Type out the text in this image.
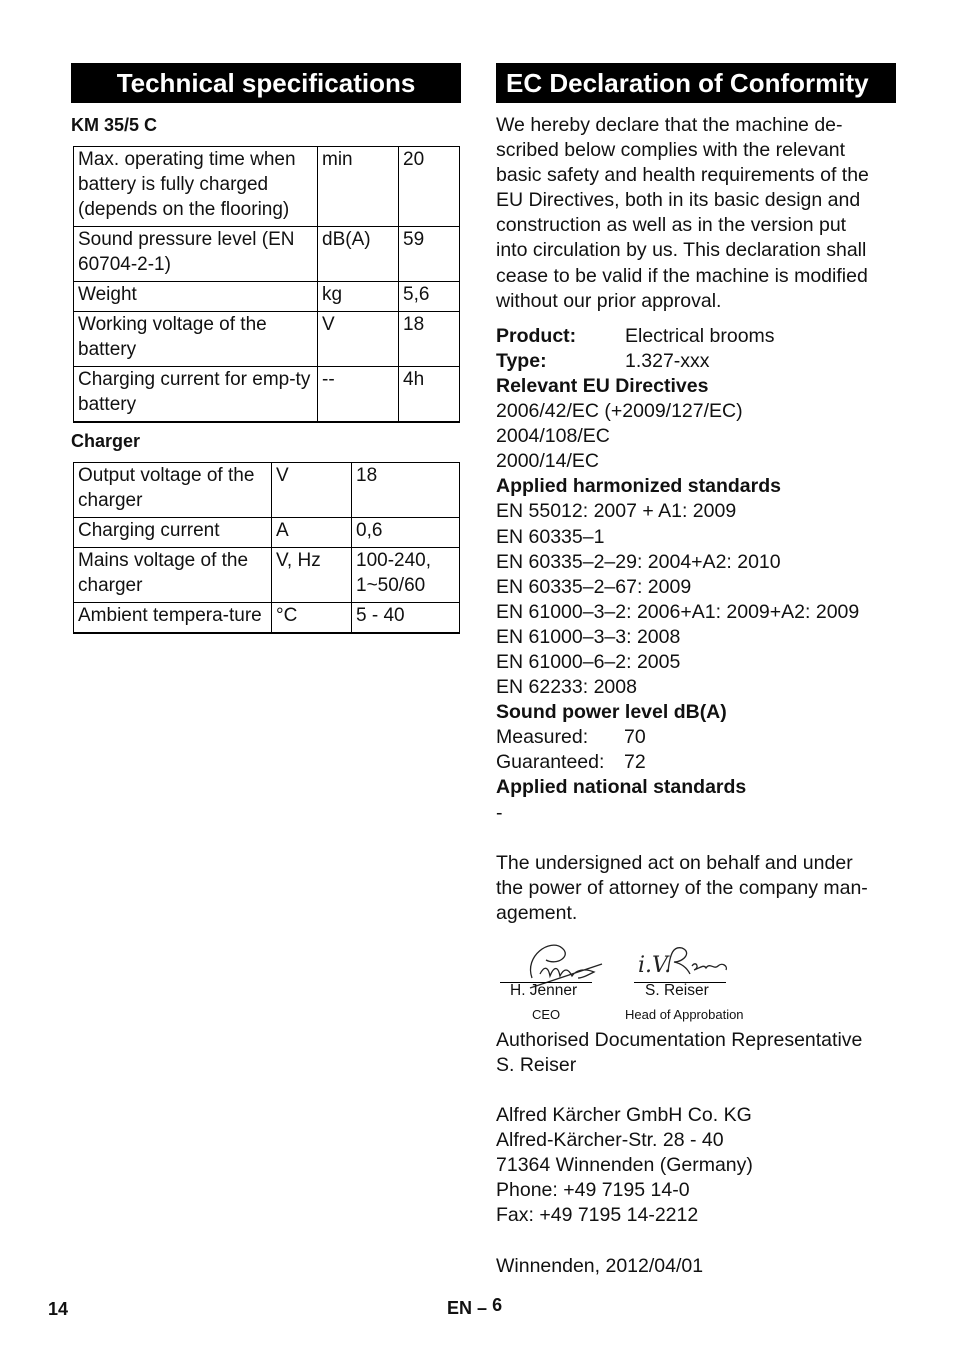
Technical specifications
KM 35/5 C
Max. operating time when battery is fully charged (depends on the flooring)	min	20
Sound pressure level (EN 60704-2-1)	dB(A)	59
Weight	kg	5,6
Working voltage of the battery	V	18
Charging current for emp-ty battery	--	4h
Charger
Output voltage of the charger	V	18
Charging current	A	0,6
Mains voltage of the charger	V, Hz	100-240, 1~50/60
Ambient tempera-ture	°C	5 - 40
EC Declaration of Conformity
We hereby declare that the machine de-
scribed below complies with the relevant
basic safety and health requirements of the
EU Directives, both in its basic design and
construction as well as in the version put
into circulation by us. This declaration shall
cease to be valid if the machine is modified
without our prior approval.
Product:	Electrical brooms
Type:	1.327-xxx
Relevant EU Directives
2006/42/EC (+2009/127/EC)
2004/108/EC
2000/14/EC
Applied harmonized standards
EN 55012: 2007 + A1: 2009
EN 60335–1
EN 60335–2–29: 2004+A2: 2010
EN 60335–2–67: 2009
EN 61000–3–2: 2006+A1: 2009+A2: 2009
EN 61000–3–3: 2008
EN 61000–6–2: 2005
EN 62233: 2008
Sound power level dB(A)
Measured: 70
Guaranteed: 72
Applied national standards
-
The undersigned act on behalf and under
the power of attorney of the company man-
agement.
i.V.
H. Jenner
CEO
S. Reiser
Head of Approbation
Authorised Documentation Representative
S. Reiser
Alfred Kärcher GmbH Co. KG
Alfred-Kärcher-Str. 28 - 40
71364 Winnenden (Germany)
Phone: +49 7195 14-0
Fax: +49 7195 14-2212
Winnenden, 2012/04/01
14	EN – 6
